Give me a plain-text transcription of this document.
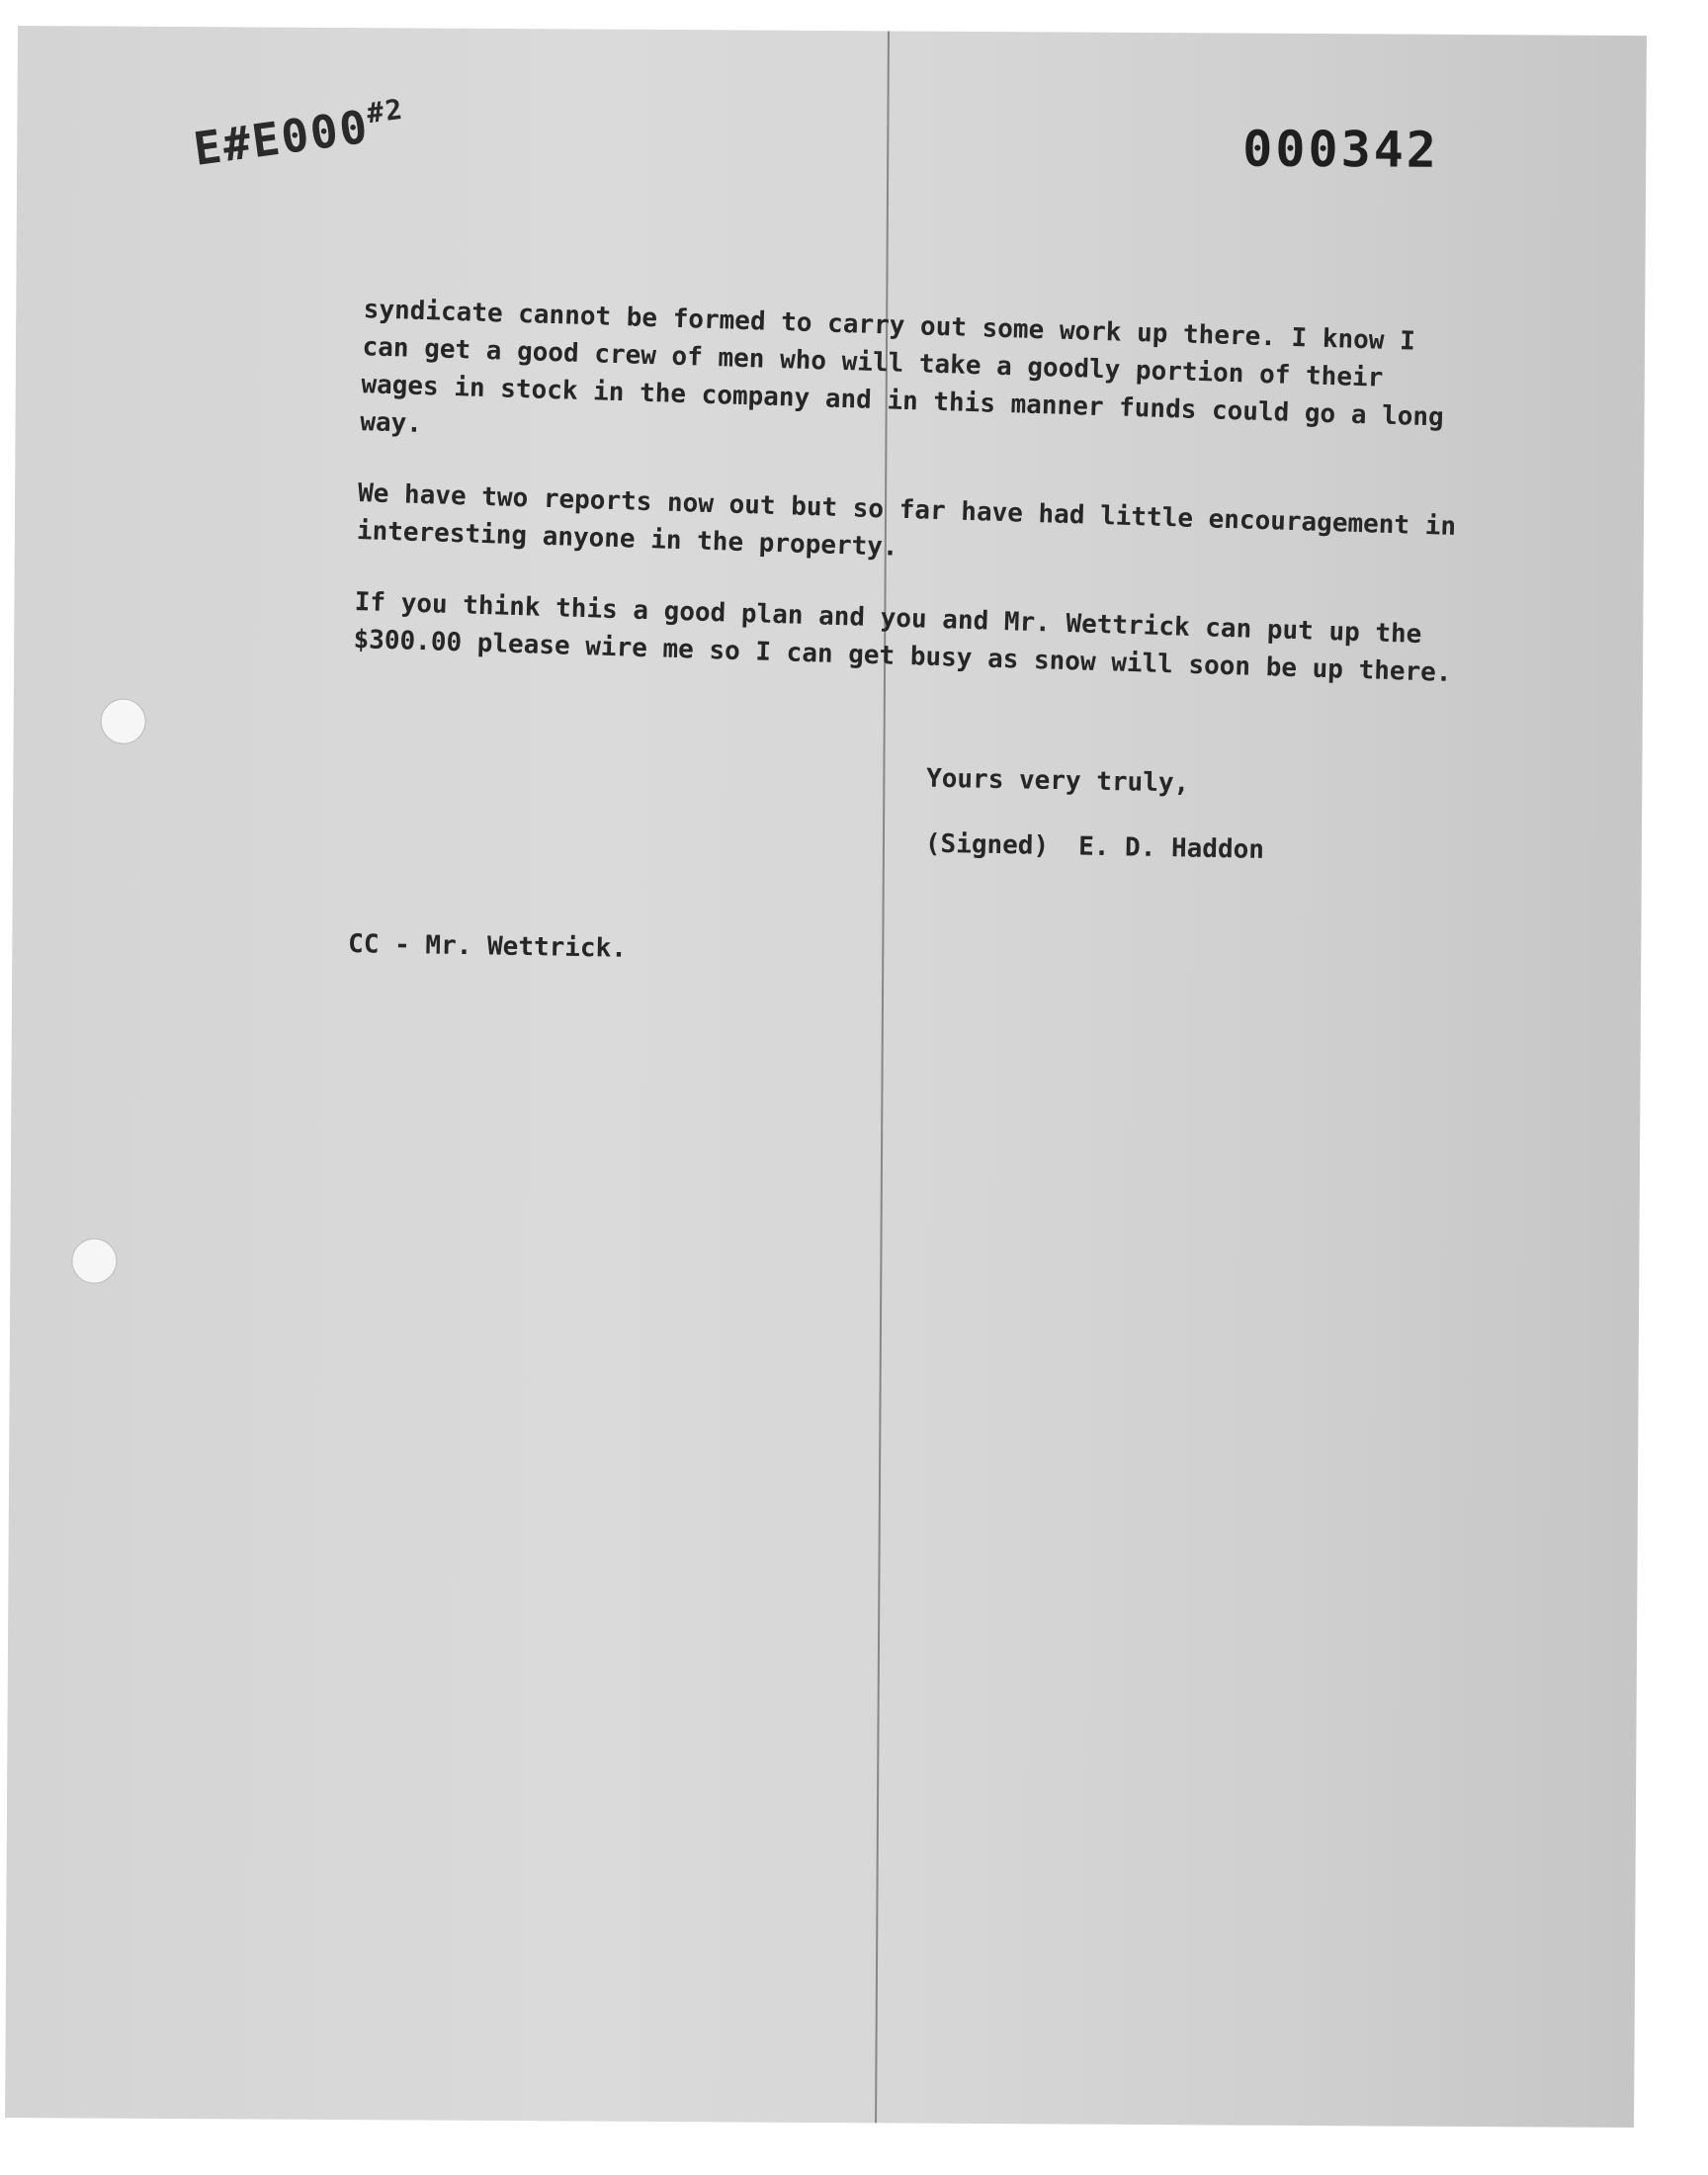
E#E000$^{\#2}$
000342

syndicate cannot be formed to carry out some work up there. I know I can get a good crew of men who will take a goodly portion of their wages in stock in the company and in this manner funds could go a long way.

We have two reports now out but so far have had little encouragement in interesting anyone in the property.

If you think this a good plan and you and Mr. Wettrick can put up the $300.00 please wire me so I can get busy as snow will soon be up there.

Yours very truly,
(Signed) E. D. Haddon
CC - Mr. Wettrick.
